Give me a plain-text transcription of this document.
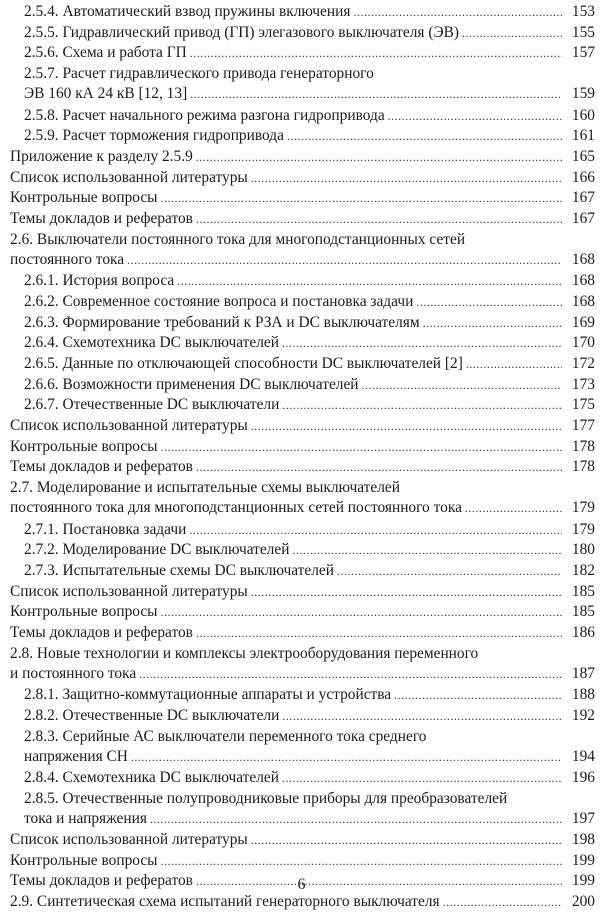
2.5.4. Автоматический взвод пружины включения .....	153
2.5.5. Гидравлический привод (ГП) элегазового выключателя (ЭВ) .....	155
2.5.6. Схема и работа ГП .....	157
2.5.7. Расчет гидравлического привода генераторного
ЭВ 160 кА 24 кВ [12, 13] .....	159
2.5.8. Расчет начального режима разгона гидропривода .....	160
2.5.9. Расчет торможения гидропривода .....	161
Приложение к разделу 2.5.9 .....	165
Список использованной литературы .....	166
Контрольные вопросы .....	167
Темы докладов и рефератов .....	167
2.6. Выключатели постоянного тока для многоподстанционных сетей
постоянного тока .....	168
2.6.1. История вопроса .....	168
2.6.2. Современное состояние вопроса и постановка задачи .....	168
2.6.3. Формирование требований к РЗА и DC выключателям .....	169
2.6.4. Схемотехника DC выключателей .....	170
2.6.5. Данные по отключающей способности DC выключателей [2] .....	172
2.6.6. Возможности применения DC выключателей .....	173
2.6.7. Отечественные DC выключатели .....	175
Список использованной литературы .....	177
Контрольные вопросы .....	178
Темы докладов и рефератов .....	178
2.7. Моделирование и испытательные схемы выключателей
постоянного тока для многоподстанционных сетей постоянного тока .....	179
2.7.1. Постановка задачи .....	179
2.7.2. Моделирование DC выключателей .....	180
2.7.3. Испытательные схемы DC выключателей .....	182
Список использованной литературы .....	185
Контрольные вопросы .....	185
Темы докладов и рефератов .....	186
2.8. Новые технологии и комплексы электрооборудования переменного
и постоянного тока .....	187
2.8.1. Защитно-коммутационные аппараты и устройства .....	188
2.8.2. Отечественные DC выключатели .....	192
2.8.3. Серийные АС выключатели переменного тока среднего
напряжения СН .....	194
2.8.4. Схемотехника DC выключателей .....	196
2.8.5. Отечественные полупроводниковые приборы для преобразователей
тока и напряжения .....	197
Список использованной литературы .....	198
Контрольные вопросы .....	199
Темы докладов и рефератов .....	199
2.9. Синтетическая схема испытаний генераторного выключателя .....	200
6
